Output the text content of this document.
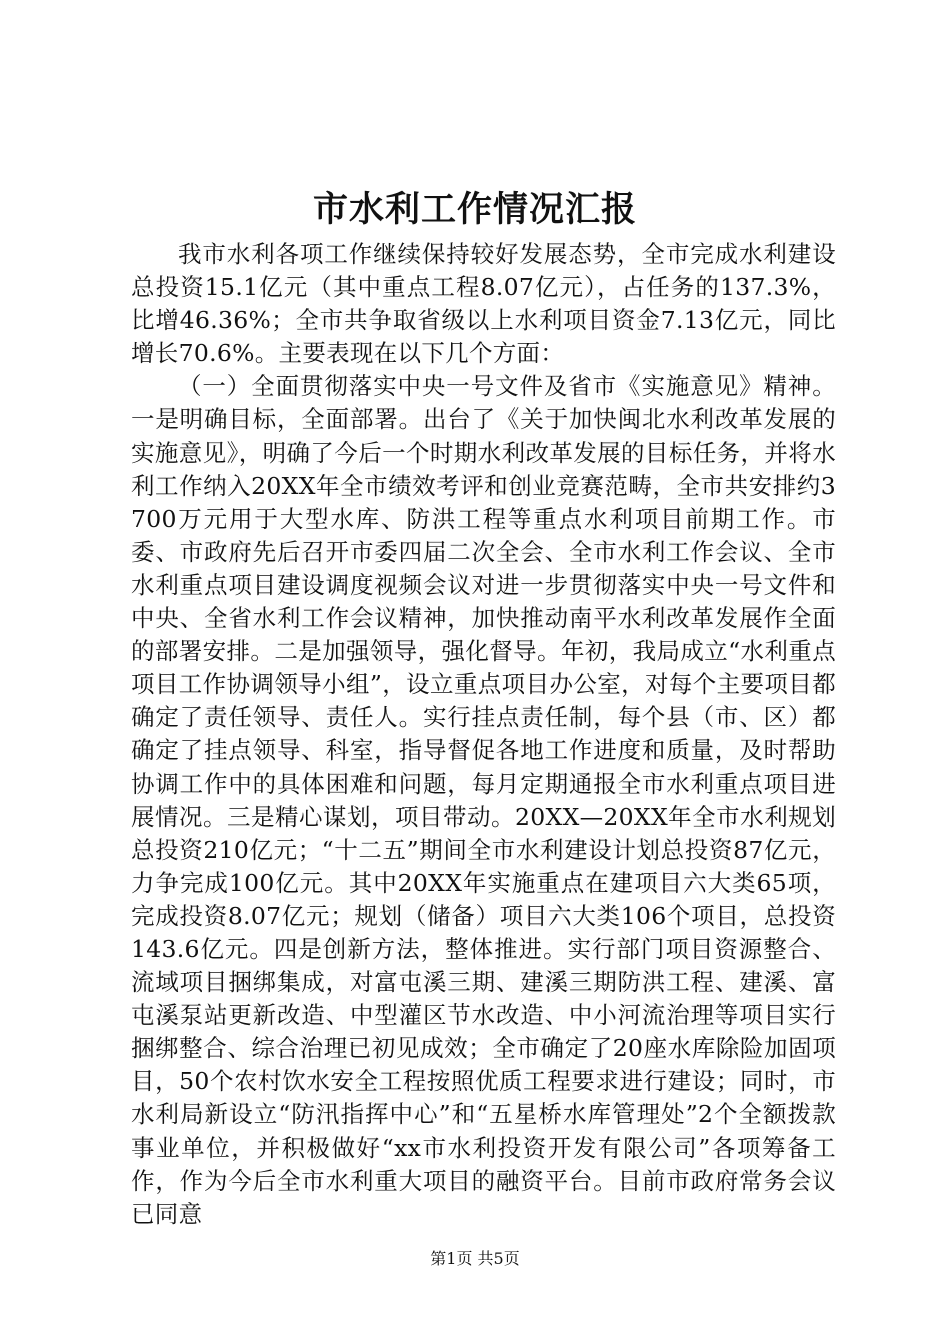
市水利工作情况汇报

我市水利各项工作继续保持较好发展态势，全市完成水利建设总投资15.1亿元（其中重点工程8.07亿元），占任务的137.3%，比增46.36%；全市共争取省级以上水利项目资金7.13亿元，同比增长70.6%。主要表现在以下几个方面：

（一）全面贯彻落实中央一号文件及省市《实施意见》精神。一是明确目标，全面部署。出台了《关于加快闽北水利改革发展的实施意见》，明确了今后一个时期水利改革发展的目标任务，并将水利工作纳入20XX年全市绩效考评和创业竞赛范畴，全市共安排约3700万元用于大型水库、防洪工程等重点水利项目前期工作。市委、市政府先后召开市委四届二次全会、全市水利工作会议、全市水利重点项目建设调度视频会议对进一步贯彻落实中央一号文件和中央、全省水利工作会议精神，加快推动南平水利改革发展作全面的部署安排。二是加强领导，强化督导。年初，我局成立“水利重点项目工作协调领导小组”，设立重点项目办公室，对每个主要项目都确定了责任领导、责任人。实行挂点责任制，每个县（市、区）都确定了挂点领导、科室，指导督促各地工作进度和质量，及时帮助协调工作中的具体困难和问题，每月定期通报全市水利重点项目进展情况。三是精心谋划，项目带动。20XX—20XX年全市水利规划总投资210亿元；“十二五”期间全市水利建设计划总投资87亿元，力争完成100亿元。其中20XX年实施重点在建项目六大类65项，完成投资8.07亿元；规划（储备）项目六大类106个项目，总投资143.6亿元。四是创新方法，整体推进。实行部门项目资源整合、流域项目捆绑集成，对富屯溪三期、建溪三期防洪工程、建溪、富屯溪泵站更新改造、中型灌区节水改造、中小河流治理等项目实行捆绑整合、综合治理已初见成效；全市确定了20座水库除险加固项目，50个农村饮水安全工程按照优质工程要求进行建设；同时，市水利局新设立“防汛指挥中心”和“五星桥水库管理处”2个全额拨款事业单位，并积极做好“xx市水利投资开发有限公司”各项筹备工作，作为今后全市水利重大项目的融资平台。目前市政府常务会议已同意

第1页 共5页
